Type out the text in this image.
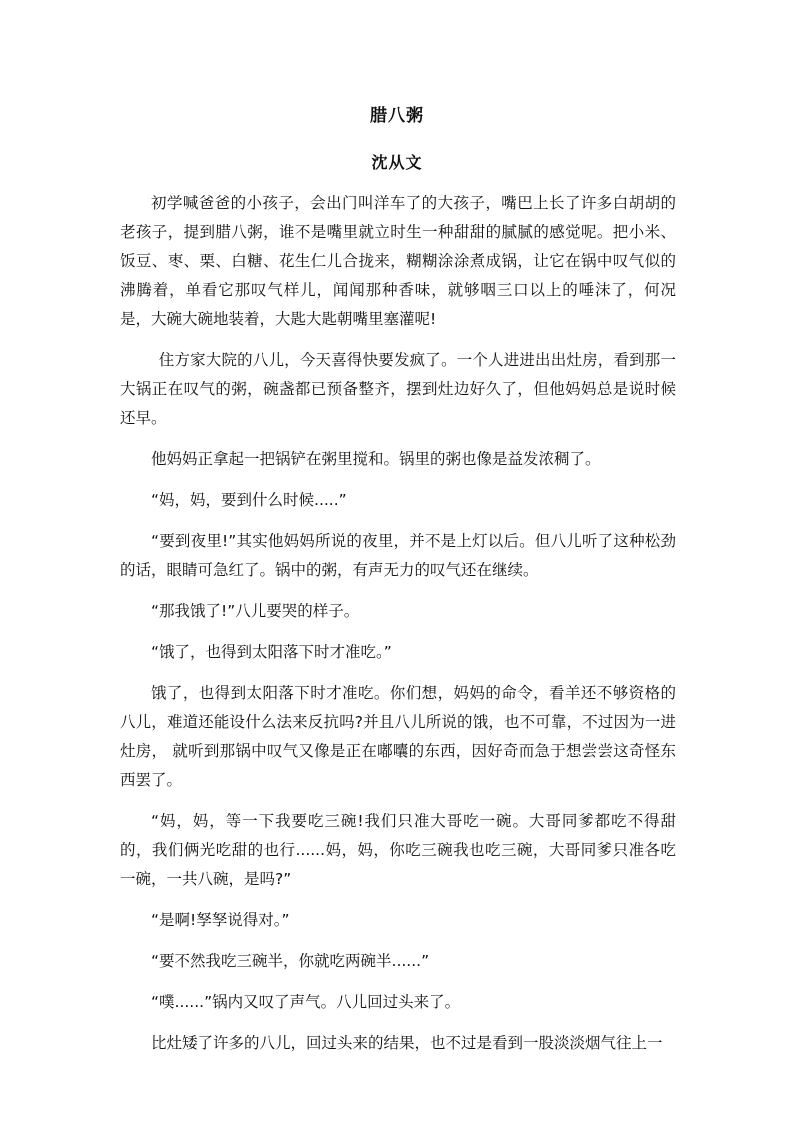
腊八粥
沈从文

初学喊爸爸的小孩子，会出门叫洋车了的大孩子，嘴巴上长了许多白胡胡的老孩子，提到腊八粥，谁不是嘴里就立时生一种甜甜的腻腻的感觉呢。把小米、饭豆、枣、栗、白糖、花生仁儿合拢来，糊糊涂涂煮成锅，让它在锅中叹气似的沸腾着，单看它那叹气样儿，闻闻那种香味，就够咽三口以上的唾沫了，何况是，大碗大碗地装着，大匙大匙朝嘴里塞灌呢!

住方家大院的八儿，今天喜得快要发疯了。一个人进进出出灶房，看到那一大锅正在叹气的粥，碗盏都已预备整齐，摆到灶边好久了，但他妈妈总是说时候还早。

他妈妈正拿起一把锅铲在粥里搅和。锅里的粥也像是益发浓稠了。

“妈，妈，要到什么时候.....”

“要到夜里!”其实他妈妈所说的夜里，并不是上灯以后。但八儿听了这种松劲的话，眼睛可急红了。锅中的粥，有声无力的叹气还在继续。

“那我饿了!”八儿要哭的样子。

“饿了，也得到太阳落下时才准吃。”

饿了，也得到太阳落下时才准吃。你们想，妈妈的命令，看羊还不够资格的八儿，难道还能设什么法来反抗吗?并且八儿所说的饿，也不可靠，不过因为一进灶房， 就听到那锅中叹气又像是正在嘟囔的东西，因好奇而急于想尝尝这奇怪东西罢了。

“妈，妈，等一下我要吃三碗!我们只准大哥吃一碗。大哥同爹都吃不得甜的，我们俩光吃甜的也行......妈，妈，你吃三碗我也吃三碗，大哥同爹只准各吃一碗，一共八碗，是吗?”

“是啊!孥孥说得对。”

“要不然我吃三碗半，你就吃两碗半......”

“噗......”锅内又叹了声气。八儿回过头来了。

比灶矮了许多的八儿，回过头来的结果，也不过是看到一股淡淡烟气往上一
